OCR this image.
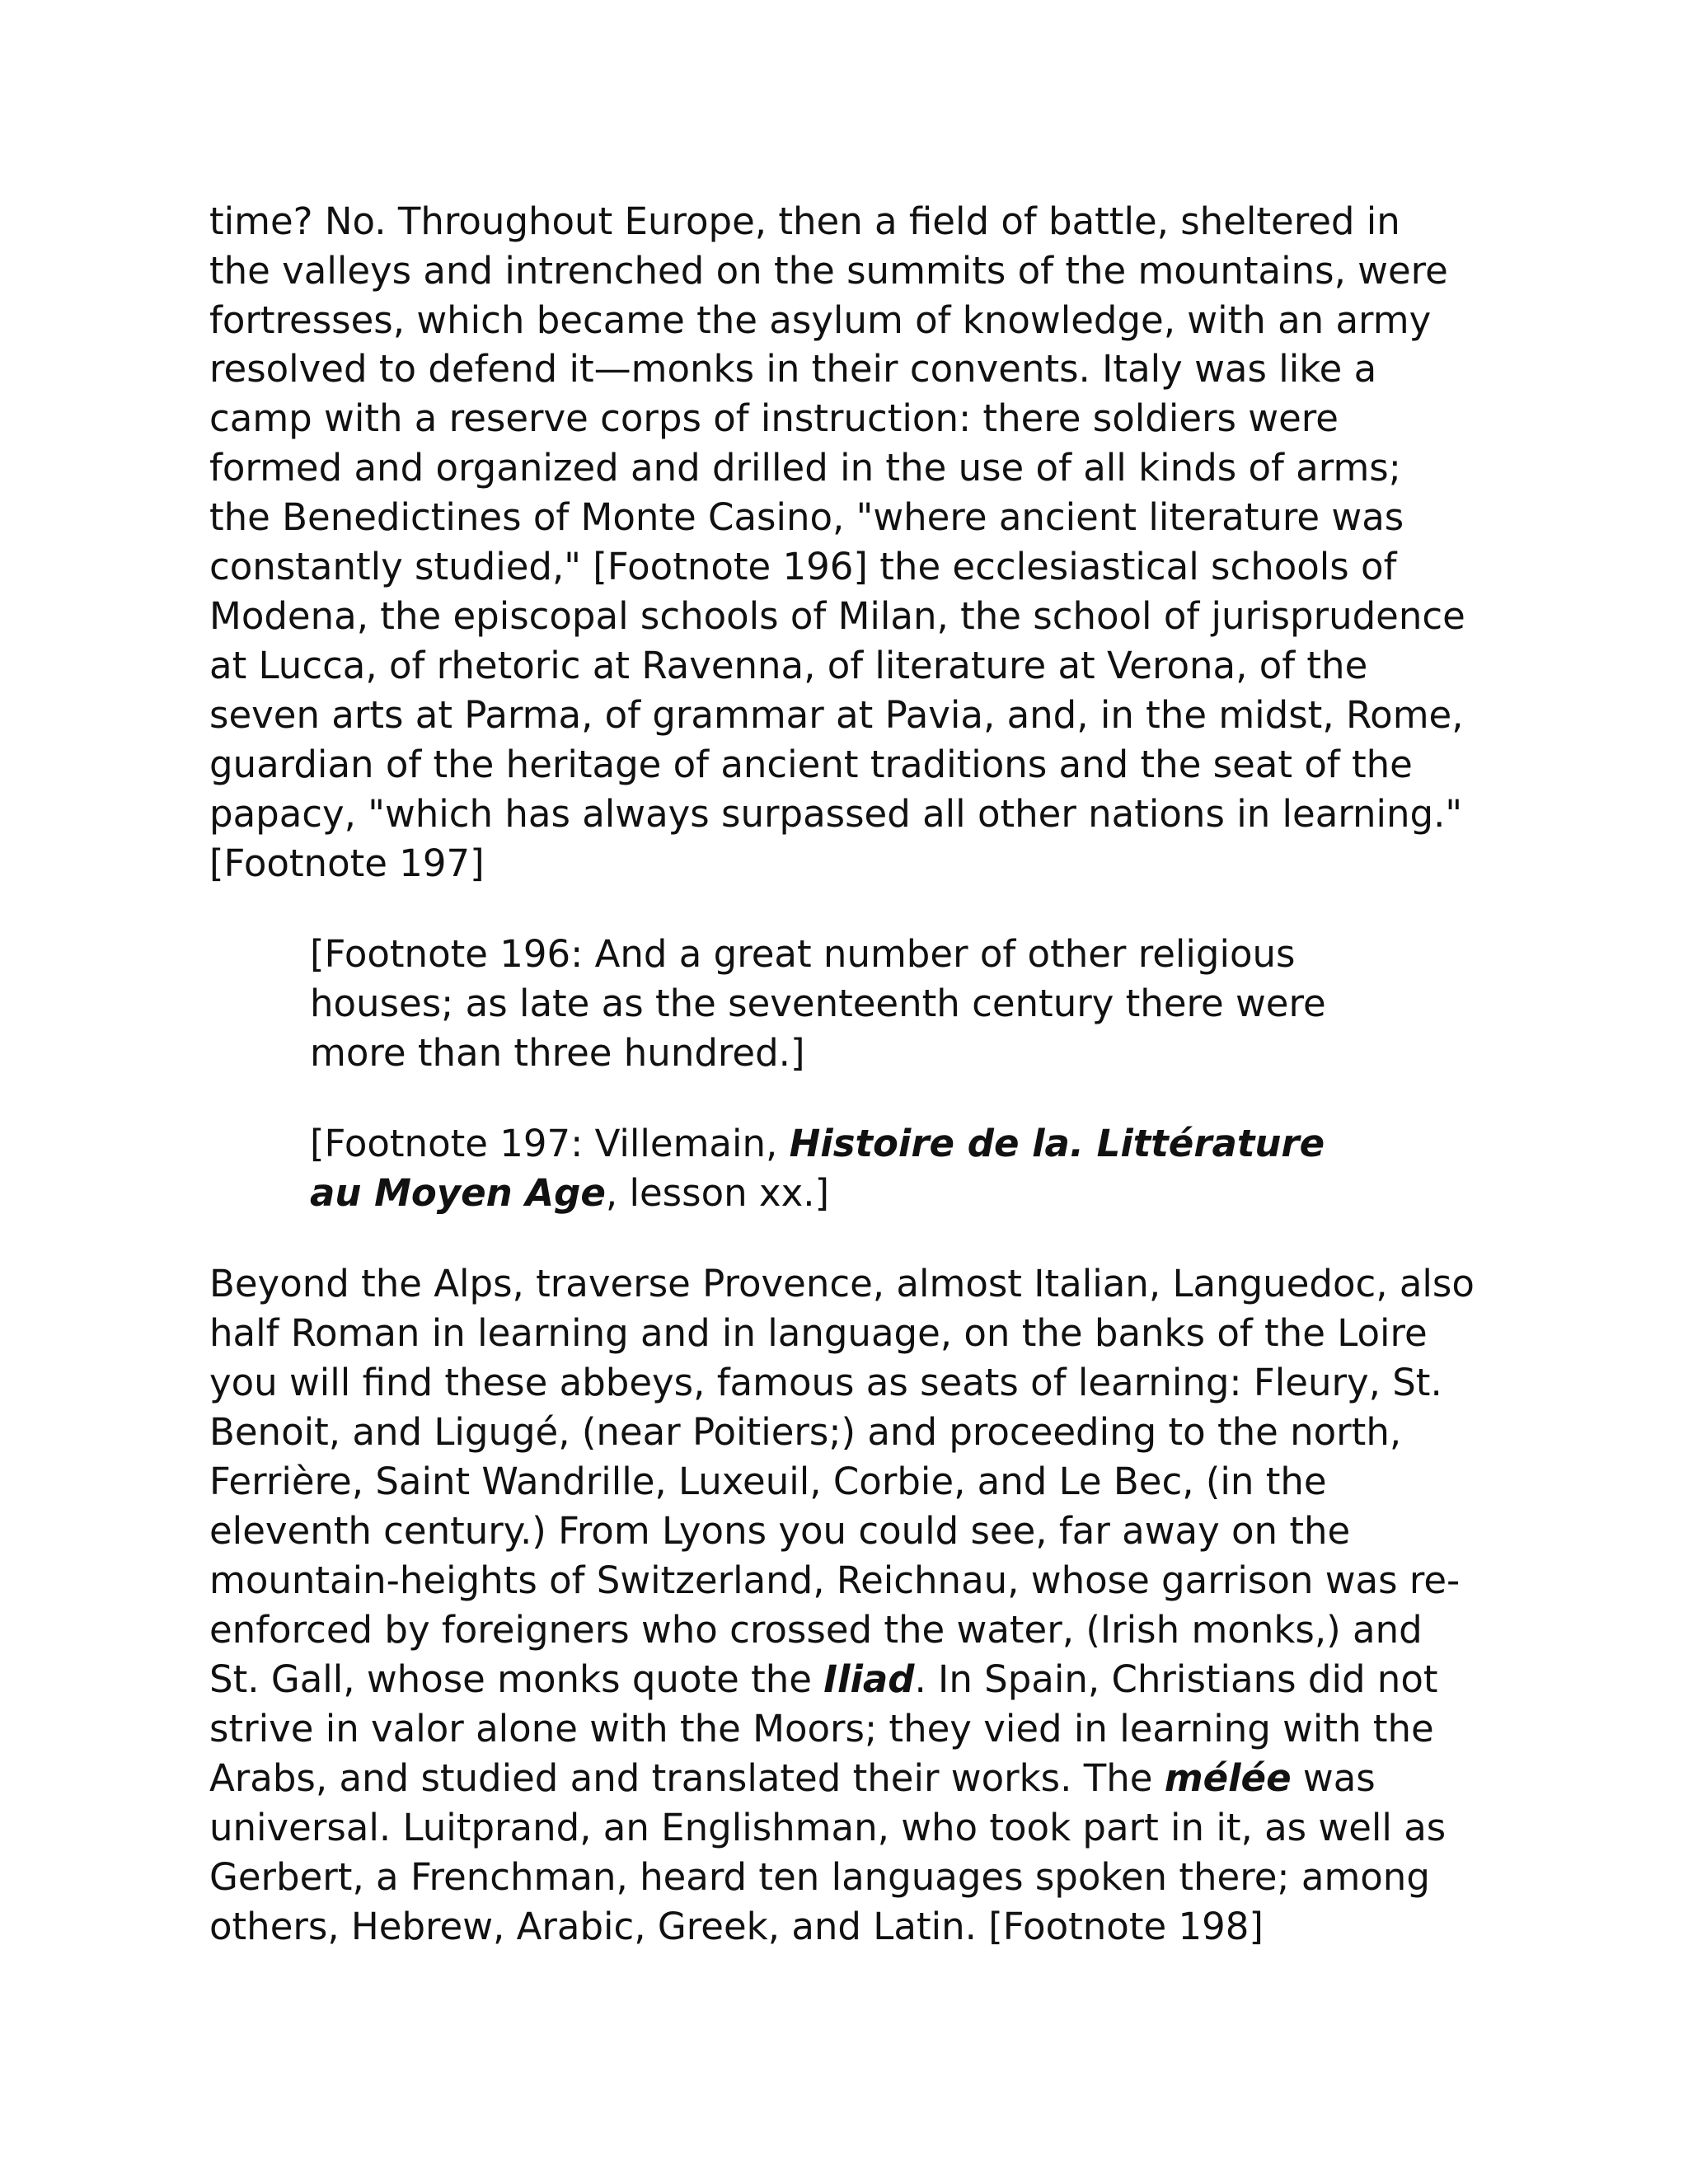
time? No. Throughout Europe, then a field of battle, sheltered in
the valleys and intrenched on the summits of the mountains, were
fortresses, which became the asylum of knowledge, with an army
resolved to defend it—monks in their convents. Italy was like a
camp with a reserve corps of instruction: there soldiers were
formed and organized and drilled in the use of all kinds of arms;
the Benedictines of Monte Casino, "where ancient literature was
constantly studied," [Footnote 196] the ecclesiastical schools of
Modena, the episcopal schools of Milan, the school of jurisprudence
at Lucca, of rhetoric at Ravenna, of literature at Verona, of the
seven arts at Parma, of grammar at Pavia, and, in the midst, Rome,
guardian of the heritage of ancient traditions and the seat of the
papacy, "which has always surpassed all other nations in learning."
[Footnote 197]
[Footnote 196: And a great number of other religious
houses; as late as the seventeenth century there were
more than three hundred.]
[Footnote 197: Villemain, Histoire de la. Littérature
au Moyen Age, lesson xx.]
Beyond the Alps, traverse Provence, almost Italian, Languedoc, also
half Roman in learning and in language, on the banks of the Loire
you will find these abbeys, famous as seats of learning: Fleury, St.
Benoit, and Ligugé, (near Poitiers;) and proceeding to the north,
Ferrière, Saint Wandrille, Luxeuil, Corbie, and Le Bec, (in the
eleventh century.) From Lyons you could see, far away on the
mountain-heights of Switzerland, Reichnau, whose garrison was re-
enforced by foreigners who crossed the water, (Irish monks,) and
St. Gall, whose monks quote the Iliad. In Spain, Christians did not
strive in valor alone with the Moors; they vied in learning with the
Arabs, and studied and translated their works. The mélée was
universal. Luitprand, an Englishman, who took part in it, as well as
Gerbert, a Frenchman, heard ten languages spoken there; among
others, Hebrew, Arabic, Greek, and Latin. [Footnote 198]
